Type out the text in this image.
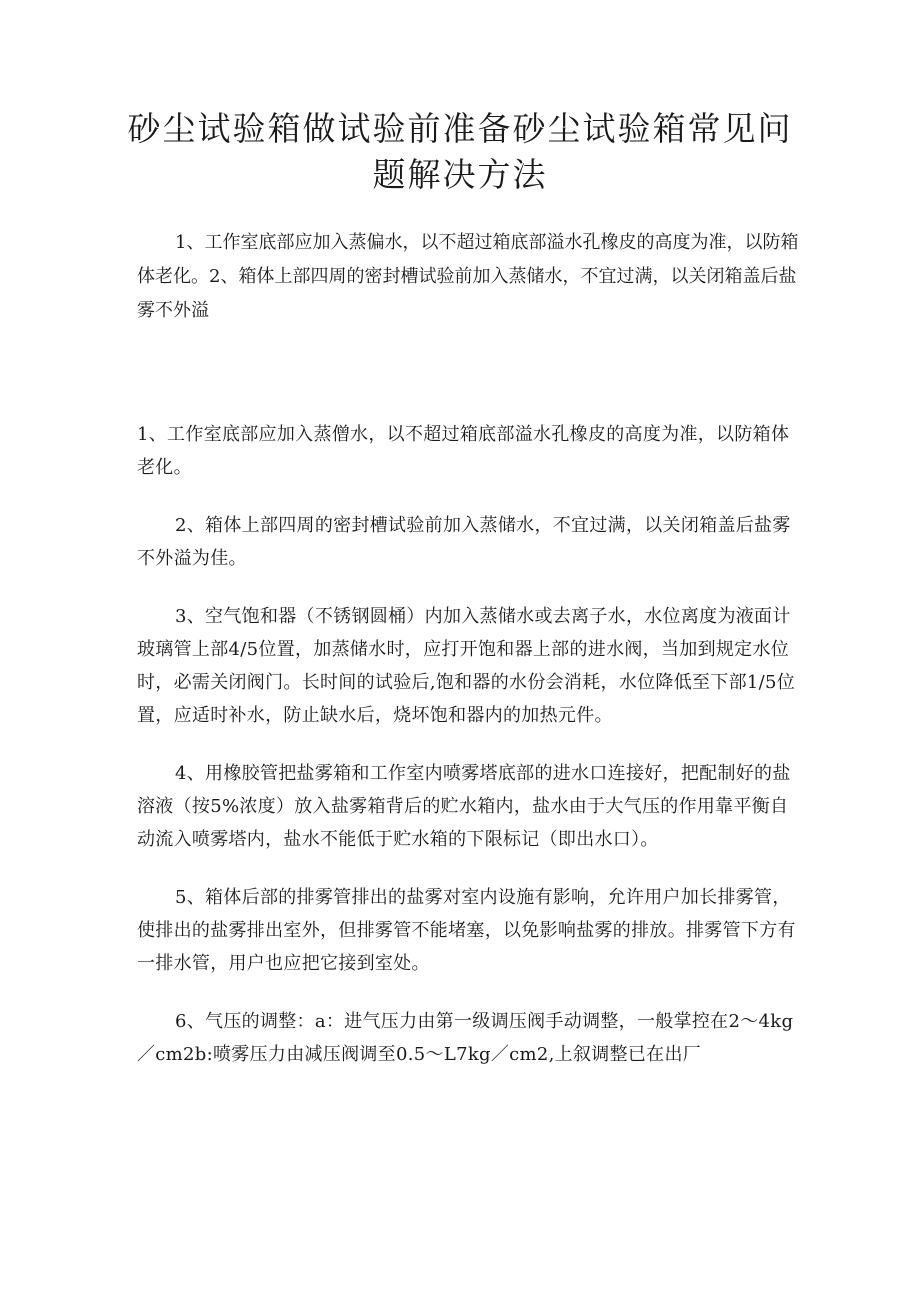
砂尘试验箱做试验前准备砂尘试验箱常见问题解决方法

1、工作室底部应加入蒸偏水，以不超过箱底部溢水孔橡皮的高度为准，以防箱体老化。2、箱体上部四周的密封槽试验前加入蒸储水，不宜过满，以关闭箱盖后盐雾不外溢

1、工作室底部应加入蒸僧水，以不超过箱底部溢水孔橡皮的高度为准，以防箱体老化。

2、箱体上部四周的密封槽试验前加入蒸储水，不宜过满，以关闭箱盖后盐雾不外溢为佳。

3、空气饱和器（不锈钢圆桶）内加入蒸储水或去离子水，水位离度为液面计玻璃管上部4/5位置，加蒸储水时，应打开饱和器上部的进水阀，当加到规定水位时，必需关闭阀门。长时间的试验后,饱和器的水份会消耗，水位降低至下部1/5位置，应适时补水，防止缺水后，烧坏饱和器内的加热元件。

4、用橡胶管把盐雾箱和工作室内喷雾塔底部的进水口连接好，把配制好的盐溶液（按5%浓度）放入盐雾箱背后的贮水箱内，盐水由于大气压的作用靠平衡自动流入喷雾塔内，盐水不能低于贮水箱的下限标记（即出水口）。

5、箱体后部的排雾管排出的盐雾对室内设施有影响，允许用户加长排雾管，使排出的盐雾排出室外，但排雾管不能堵塞，以免影响盐雾的排放。排雾管下方有一排水管，用户也应把它接到室处。

6、气压的调整：a：进气压力由第一级调压阀手动调整，一般掌控在2～4kg／cm2b:喷雾压力由减压阀调至0.5～L7kg／cm2,上叙调整已在出厂
